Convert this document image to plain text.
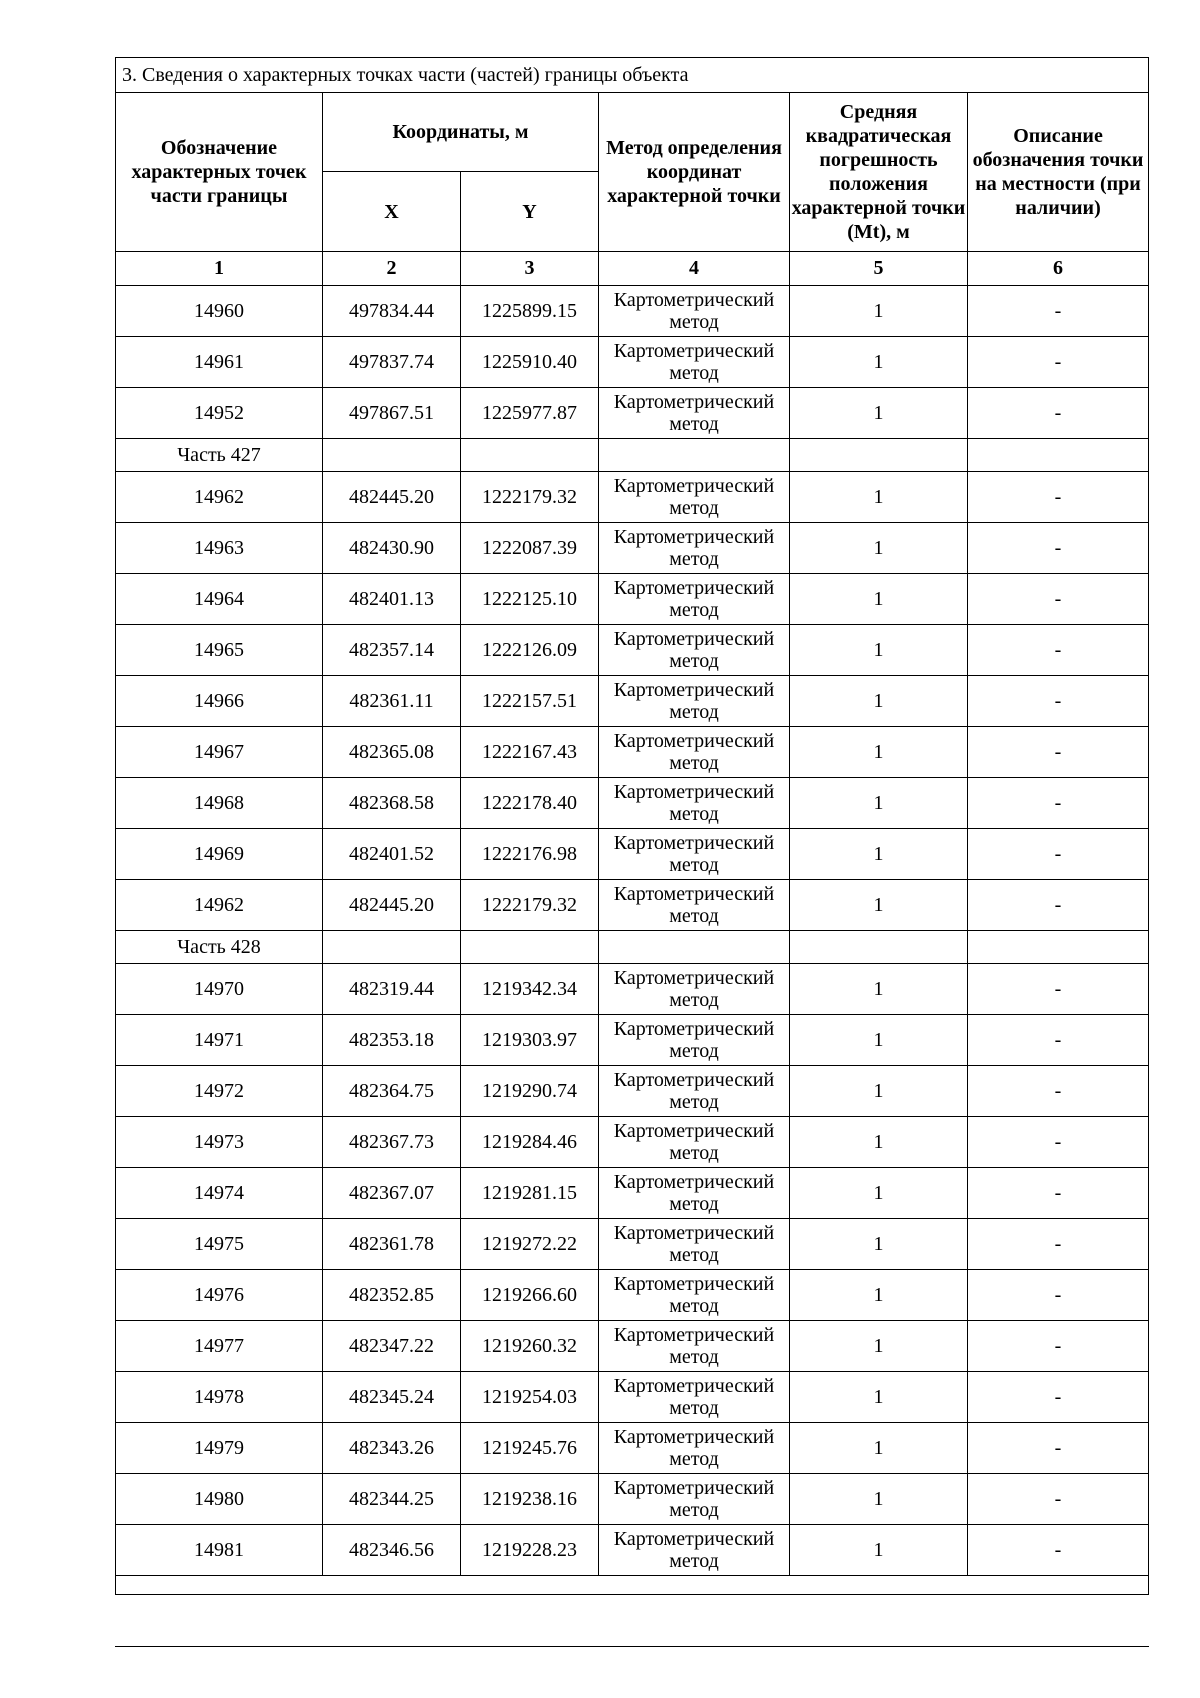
3. Сведения о характерных точках части (частей) границы объекта					
Обозначение характерных точек части границы	Координаты, м		Метод определения координат характерной точки	Средняя квадратическая погрешность положения характерной точки (Mt), м	Описание обозначения точки на местности (при наличии)
	X	Y			
1	2	3	4	5	6
14960	497834.44	1225899.15	Картометрический метод	1	-
14961	497837.74	1225910.40	Картометрический метод	1	-
14952	497867.51	1225977.87	Картометрический метод	1	-
Часть 427					
14962	482445.20	1222179.32	Картометрический метод	1	-
14963	482430.90	1222087.39	Картометрический метод	1	-
14964	482401.13	1222125.10	Картометрический метод	1	-
14965	482357.14	1222126.09	Картометрический метод	1	-
14966	482361.11	1222157.51	Картометрический метод	1	-
14967	482365.08	1222167.43	Картометрический метод	1	-
14968	482368.58	1222178.40	Картометрический метод	1	-
14969	482401.52	1222176.98	Картометрический метод	1	-
14962	482445.20	1222179.32	Картометрический метод	1	-
Часть 428					
14970	482319.44	1219342.34	Картометрический метод	1	-
14971	482353.18	1219303.97	Картометрический метод	1	-
14972	482364.75	1219290.74	Картометрический метод	1	-
14973	482367.73	1219284.46	Картометрический метод	1	-
14974	482367.07	1219281.15	Картометрический метод	1	-
14975	482361.78	1219272.22	Картометрический метод	1	-
14976	482352.85	1219266.60	Картометрический метод	1	-
14977	482347.22	1219260.32	Картометрический метод	1	-
14978	482345.24	1219254.03	Картометрический метод	1	-
14979	482343.26	1219245.76	Картометрический метод	1	-
14980	482344.25	1219238.16	Картометрический метод	1	-
14981	482346.56	1219228.23	Картометрический метод	1	-
